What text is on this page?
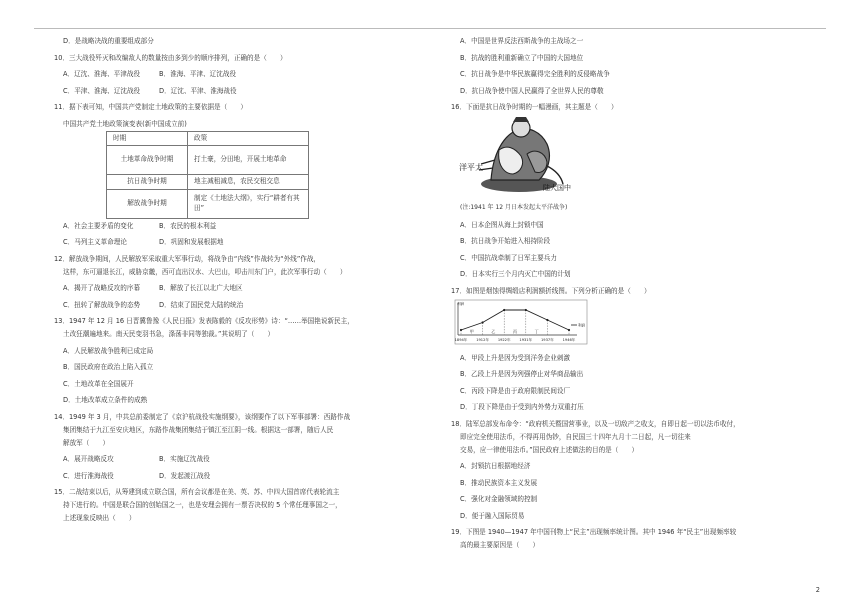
D．是战略决战的重要组成部分

10．三大战役歼灭和改编敌人的数量按由多到少的顺序排列，正确的是（　　）

A．辽沈、淮海、平津战役	B．淮海、平津、辽沈战役
C．平津、淮海、辽沈战役	D．辽沈、平津、淮海战役

11．据下表可知，中国共产党制定土地政策的主要依据是（　　）

中国共产党土地政策演变表(新中国成立前)

时期	政策
土地革命战争时期	打土豪，分田地，开展土地革命
抗日战争时期	地主减租减息，农民交租交息
解放战争时期	制定《土地法大纲》，实行“耕者有其田”
A．社会主要矛盾的变化	B．农民的根本利益
C．马列主义革命理论	D．巩固和发展根据地

12．解放战争期间，人民解放军采取重大军事行动，将战争由“内线”作战转为“外线”作战，

这样，东可逼退长江，威胁京畿，西可直出汉水、大巴山，叩击川东门户，此次军事行动（　　）

A．揭开了战略反攻的序幕	B．解放了长江以北广大地区
C．扭转了解放战争的态势	D．结束了国民党大陆的统治

13．1947 年 12 月 16 日晋冀鲁豫《人民日报》发表陈毅的《反攻形势》诗：“……举国艳说新民主，

土改狂潮遍地来。南天民变羽书急，涤荡非同等独裁。”其说明了（　　）

A．人民解放战争胜利已成定局

B．国民政府在政治上陷入孤立

C．土地改革在全国展开

D．土地改革成立条件的成熟

14．1949 年 3 月，中共总前委制定了《京沪杭战役实施纲要》，该纲要作了以下军事部署：西路作战

集团集结于九江至安庆地区，东路作战集团集结于镇江至江阴一线。根据这一部署，随后人民

解放军（　　）

A．展开战略反攻	B．实施辽沈战役
C．进行淮海战役	D．发起渡江战役

15．二战结束以后，从筹建到成立联合国，所有会议都是在美、英、苏、中四大国首席代表轮流主

持下进行的。中国是联合国的创始国之一，也是安理会拥有一票否决权的 5 个常任理事国之一，

上述现象反映出（　　）

A．中国是世界反法西斯战争的主战场之一

B．抗战的胜利重新确立了中国的大国地位

C．抗日战争是中华民族赢得完全胜利的反侵略战争

D．抗日战争使中国人民赢得了全世界人民的尊敬

16．下面是抗日战争时期的一幅漫画，其主题是（　　）

洋平太
陆大国中

(注:1941 年 12 月日本发起太平洋战争)

A．日本企图从海上封锁中国

B．抗日战争开始进入相持阶段

C．中国抗战牵制了日军主要兵力

D．日本实行三个月内灭亡中国的计划

17．如图是烟蚀得绸缎店利润额折线图。下列分析正确的是（　　）

1894年 1912年 1922年 1931年 1937年 1946年
甲	乙	丙	丁
利润
利润

A．甲段上升是因为受到洋务企业刺激

B．乙段上升是因为列强停止对华商品输出

C．丙段下降是由于政府限制民间设厂

D．丁段下降是由于受到内外势力双重打压

18．陆军总部发布命令：“政府机关暨国营事业，以及一切敌产之收支，自即日起一切以法币收付，

即应完全使用法币，不得再用伪钞，自民国三十四年九月十二日起，凡一切往来

交易，应一律使用法币。”国民政府上述做法的目的是（　　）

A．封锁抗日根据地经济

B．推动民族资本主义发展

C．强化对金融领域的控制

D．便于融入国际贸易

19．下图是 1940—1947 年中国刊物上“民主”出现频率统计图。其中 1946 年“民主”出现频率较

高的最主要原因是（　　）

2
